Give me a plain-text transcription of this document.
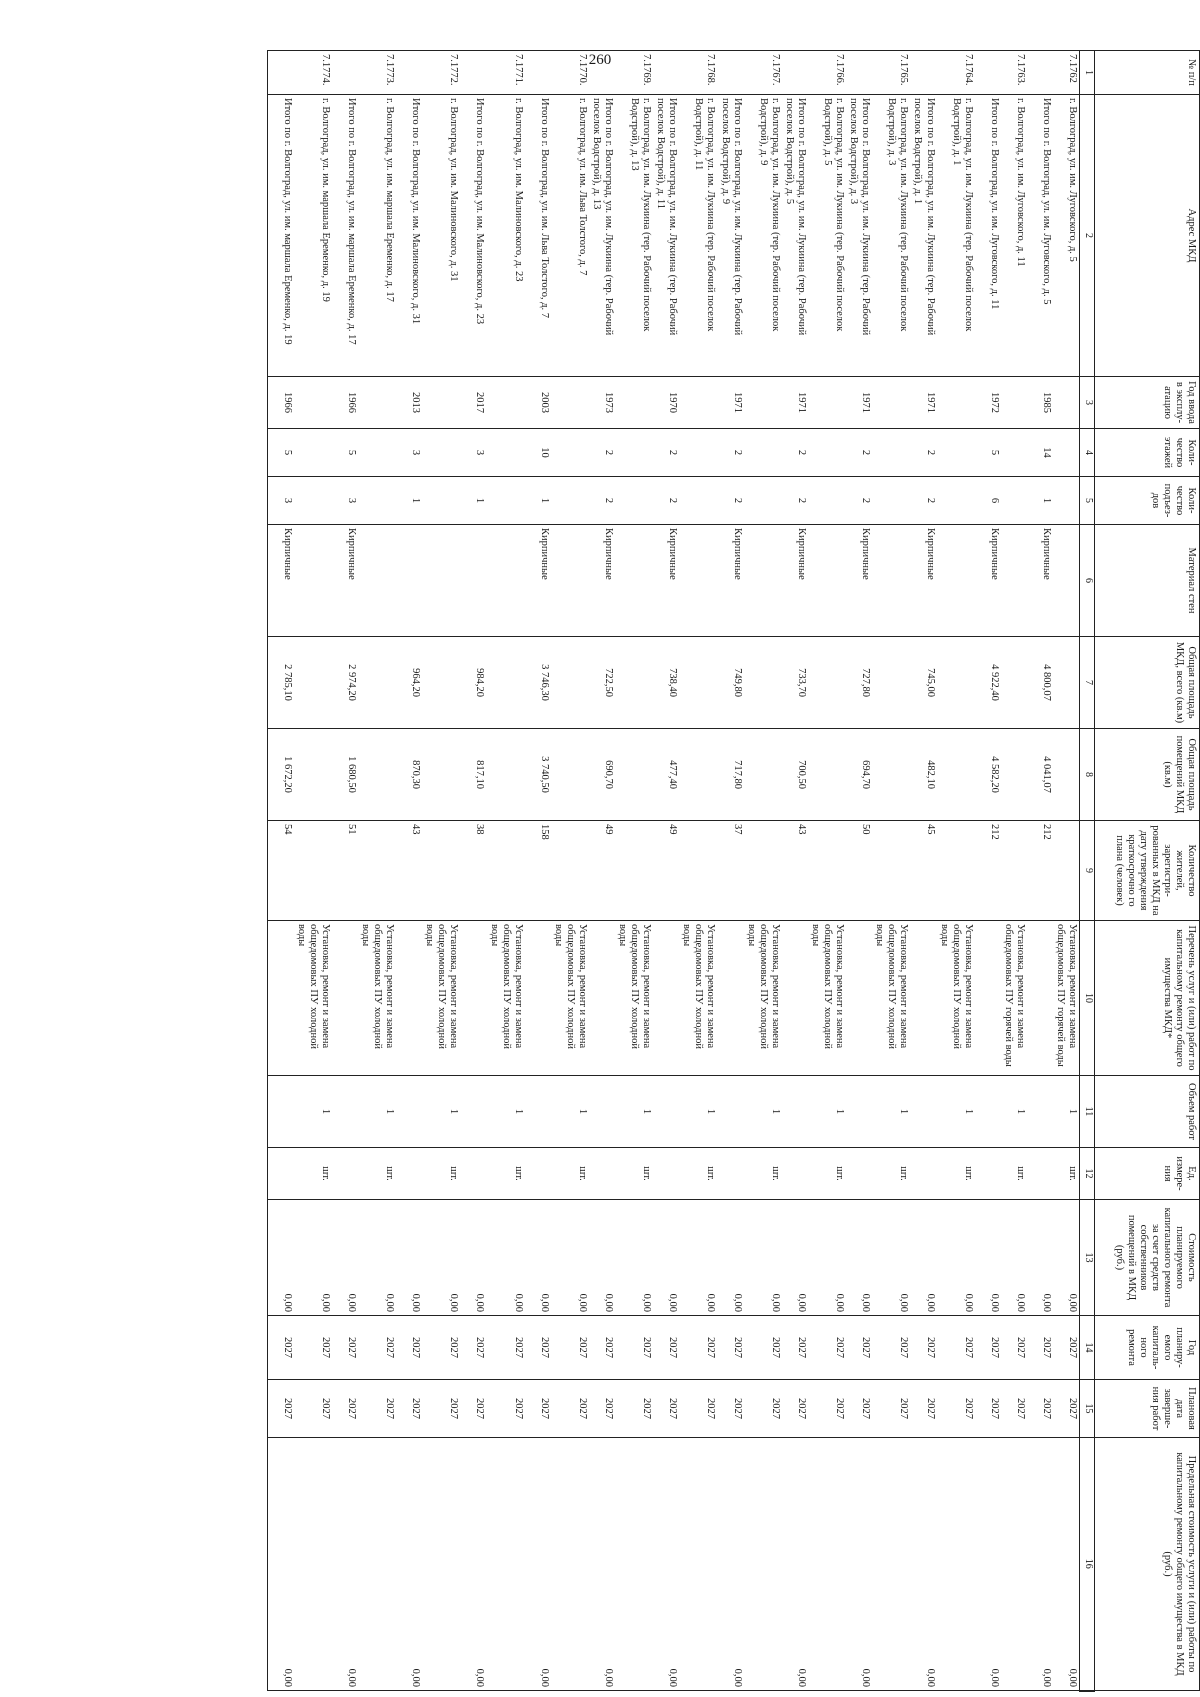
260	№ п/п	Адрес МКД	Год ввода в эксплу-атацию	Коли-чество этажей	Коли-чество подъез-дов	Материал стен	Общая площадь МКД, всего (кв.м)	Общая площадь помещений МКД (кв.м)	Количество жителей, зарегистри-рованных в МКД на дату утверждения краткосрочно го плана (человек)	Перечень услуг и (или) работ по капитальному ремонту общего имущества МКД*	Объем работ	Ед. измере-ния	Стоимость планируемого капитального ремонта за счет средств собственников помещений в МКД (руб.)	Год планиру-емого капиталь-ного ремонта	Плановая дата заверше-ния работ	Предельная стоимость услуги и (или) работы по капитальному ремонту общего имущества в МКД (руб.)
1	2	3	4	5	6	7	8	9	10	11	12	13	14	15	16
7.1762	г. Волгоград, ул. им. Луговского, д. 5								Установка, ремонт и замена общедомовых ПУ горячей воды	1	шт.	0,00	2027	2027	0,00
	Итого по г. Волгоград, ул. им. Луговского, д. 5	1985	14	1	Кирпичные	4 800,07	4 041,07	212				0,00	2027	2027	0,00
7.1763.	г. Волгоград, ул. им. Луговского, д. 11								Установка, ремонт и замена общедомовых ПУ горячей воды	1	шт.	0,00	2027	2027	
	Итого по г. Волгоград, ул. им. Луговского, д. 11	1972	5	6	Кирпичные	4 922,40	4 582,20	212				0,00	2027	2027	0,00
7.1764.	г. Волгоград, ул. им. Лукиина (тер. Рабочий поселок Водстрой), д. 1								Установка, ремонт и замена общедомовых ПУ холодной воды	1	шт.	0,00	2027	2027	
	Итого по г. Волгоград, ул. им. Лукиина (тер. Рабочий поселок Водстрой), д. 1	1971	2	2	Кирпичные	745,00	482,10	45				0,00	2027	2027	0,00
7.1765.	г. Волгоград, ул. им. Лукиина (тер. Рабочий поселок Водстрой), д. 3								Установка, ремонт и замена общедомовых ПУ холодной воды	1	шт.	0,00	2027	2027	
	Итого по г. Волгоград, ул. им. Лукиина (тер. Рабочий поселок Водстрой), д. 3	1971	2	2	Кирпичные	727,80	694,70	50				0,00	2027	2027	0,00
7.1766.	г. Волгоград, ул. им. Лукиина (тер. Рабочий поселок Водстрой), д. 5								Установка, ремонт и замена общедомовых ПУ холодной воды	1	шт.	0,00	2027	2027	
	Итого по г. Волгоград, ул. им. Лукиина (тер. Рабочий поселок Водстрой), д. 5	1971	2	2	Кирпичные	733,70	700,50	43				0,00	2027	2027	0,00
7.1767.	г. Волгоград, ул. им. Лукиина (тер. Рабочий поселок Водстрой), д. 9								Установка, ремонт и замена общедомовых ПУ холодной воды	1	шт.	0,00	2027	2027	
	Итого по г. Волгоград, ул. им. Лукиина (тер. Рабочий поселок Водстрой), д. 9	1971	2	2	Кирпичные	749,80	717,80	37				0,00	2027	2027	0,00
7.1768.	г. Волгоград, ул. им. Лукиина (тер. Рабочий поселок Водстрой), д. 11								Установка, ремонт и замена общедомовых ПУ холодной воды	1	шт.	0,00	2027	2027	
	Итого по г. Волгоград, ул. им. Лукиина (тер. Рабочий поселок Водстрой), д. 11	1970	2	2	Кирпичные	738,40	477,40	49				0,00	2027	2027	0,00
7.1769.	г. Волгоград, ул. им. Лукиина (тер. Рабочий поселок Водстрой), д. 13								Установка, ремонт и замена общедомовых ПУ холодной воды	1	шт.	0,00	2027	2027	
	Итого по г. Волгоград, ул. им. Лукиина (тер. Рабочий поселок Водстрой), д. 13	1973	2	2	Кирпичные	722,50	690,70	49				0,00	2027	2027	0,00
7.1770.	г. Волгоград, ул. им. Льва Толстого, д. 7								Установка, ремонт и замена общедомовых ПУ холодной воды	1	шт.	0,00	2027	2027	
	Итого по г. Волгоград, ул. им. Льва Толстого, д. 7	2003	10	1	Кирпичные	3 746,30	3 740,50	158				0,00	2027	2027	0,00
7.1771.	г. Волгоград, ул. им. Малиновского, д. 23								Установка, ремонт и замена общедомовых ПУ холодной воды	1	шт.	0,00	2027	2027	
	Итого по г. Волгоград, ул. им. Малиновского, д. 23	2017	3	1		984,20	817,10	38				0,00	2027	2027	0,00
7.1772.	г. Волгоград, ул. им. Малиновского, д. 31								Установка, ремонт и замена общедомовых ПУ холодной воды	1	шт.	0,00	2027	2027	
	Итого по г. Волгоград, ул. им. Малиновского, д. 31	2013	3	1		964,20	870,30	43				0,00	2027	2027	0,00
7.1773.	г. Волгоград, ул. им. маршала Еременко, д. 17								Установка, ремонт и замена общедомовых ПУ холодной воды	1	шт.	0,00	2027	2027	
	Итого по г. Волгоград, ул. им. маршала Еременко, д. 17	1966	5	3	Кирпичные	2 974,20	1 680,50	51				0,00	2027	2027	0,00
7.1774.	г. Волгоград, ул. им. маршала Еременко, д. 19								Установка, ремонт и замена общедомовых ПУ холодной воды	1	шт.	0,00	2027	2027	
	Итого по г. Волгоград, ул. им. маршала Еременко, д. 19	1966	5	3	Кирпичные	2 785,10	1 672,20	54				0,00	2027	2027	0,00
